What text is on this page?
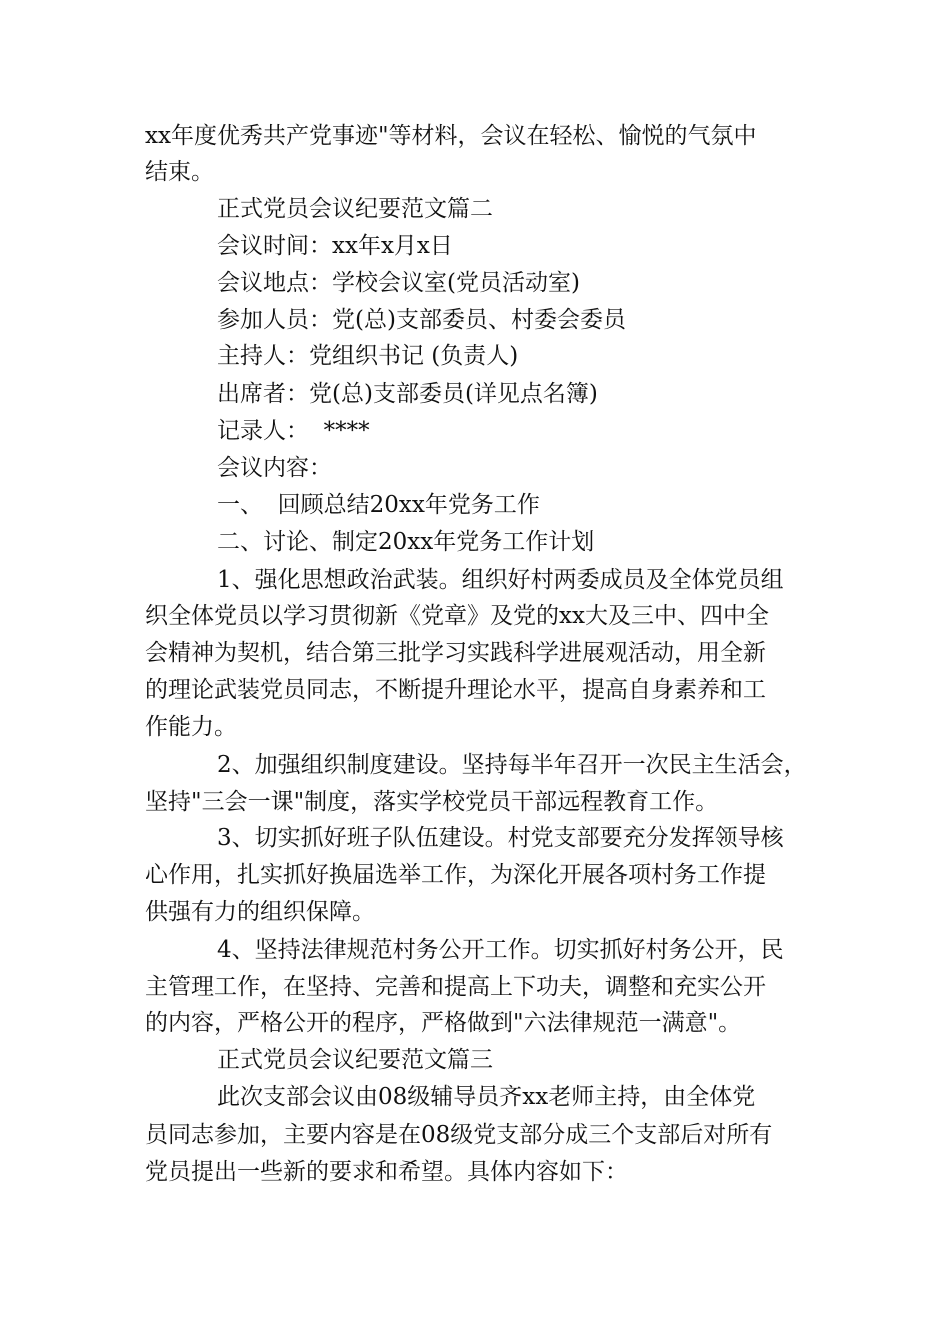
xx年度优秀共产党事迹"等材料，会议在轻松、愉悦的气氛中
结束。
正式党员会议纪要范文篇二
会议时间：xx年x月x日
会议地点：学校会议室(党员活动室)
参加人员：党(总)支部委员、村委会委员
主持人：党组织书记 (负责人)
出席者：党(总)支部委员(详见点名簿)
记录人：  ****
会议内容：
一、  回顾总结20xx年党务工作
二、讨论、制定20xx年党务工作计划
1、强化思想政治武装。组织好村两委成员及全体党员组
织全体党员以学习贯彻新《党章》及党的xx大及三中、四中全
会精神为契机，结合第三批学习实践科学进展观活动，用全新
的理论武装党员同志，不断提升理论水平，提高自身素养和工
作能力。
2、加强组织制度建设。坚持每半年召开一次民主生活会，
坚持"三会一课"制度，落实学校党员干部远程教育工作。
3、切实抓好班子队伍建设。村党支部要充分发挥领导核
心作用，扎实抓好换届选举工作，为深化开展各项村务工作提
供强有力的组织保障。
4、坚持法律规范村务公开工作。切实抓好村务公开，民
主管理工作，在坚持、完善和提高上下功夫，调整和充实公开
的内容，严格公开的程序，严格做到"六法律规范一满意"。
正式党员会议纪要范文篇三
此次支部会议由08级辅导员齐xx老师主持，由全体党
员同志参加，主要内容是在08级党支部分成三个支部后对所有
党员提出一些新的要求和希望。具体内容如下：
